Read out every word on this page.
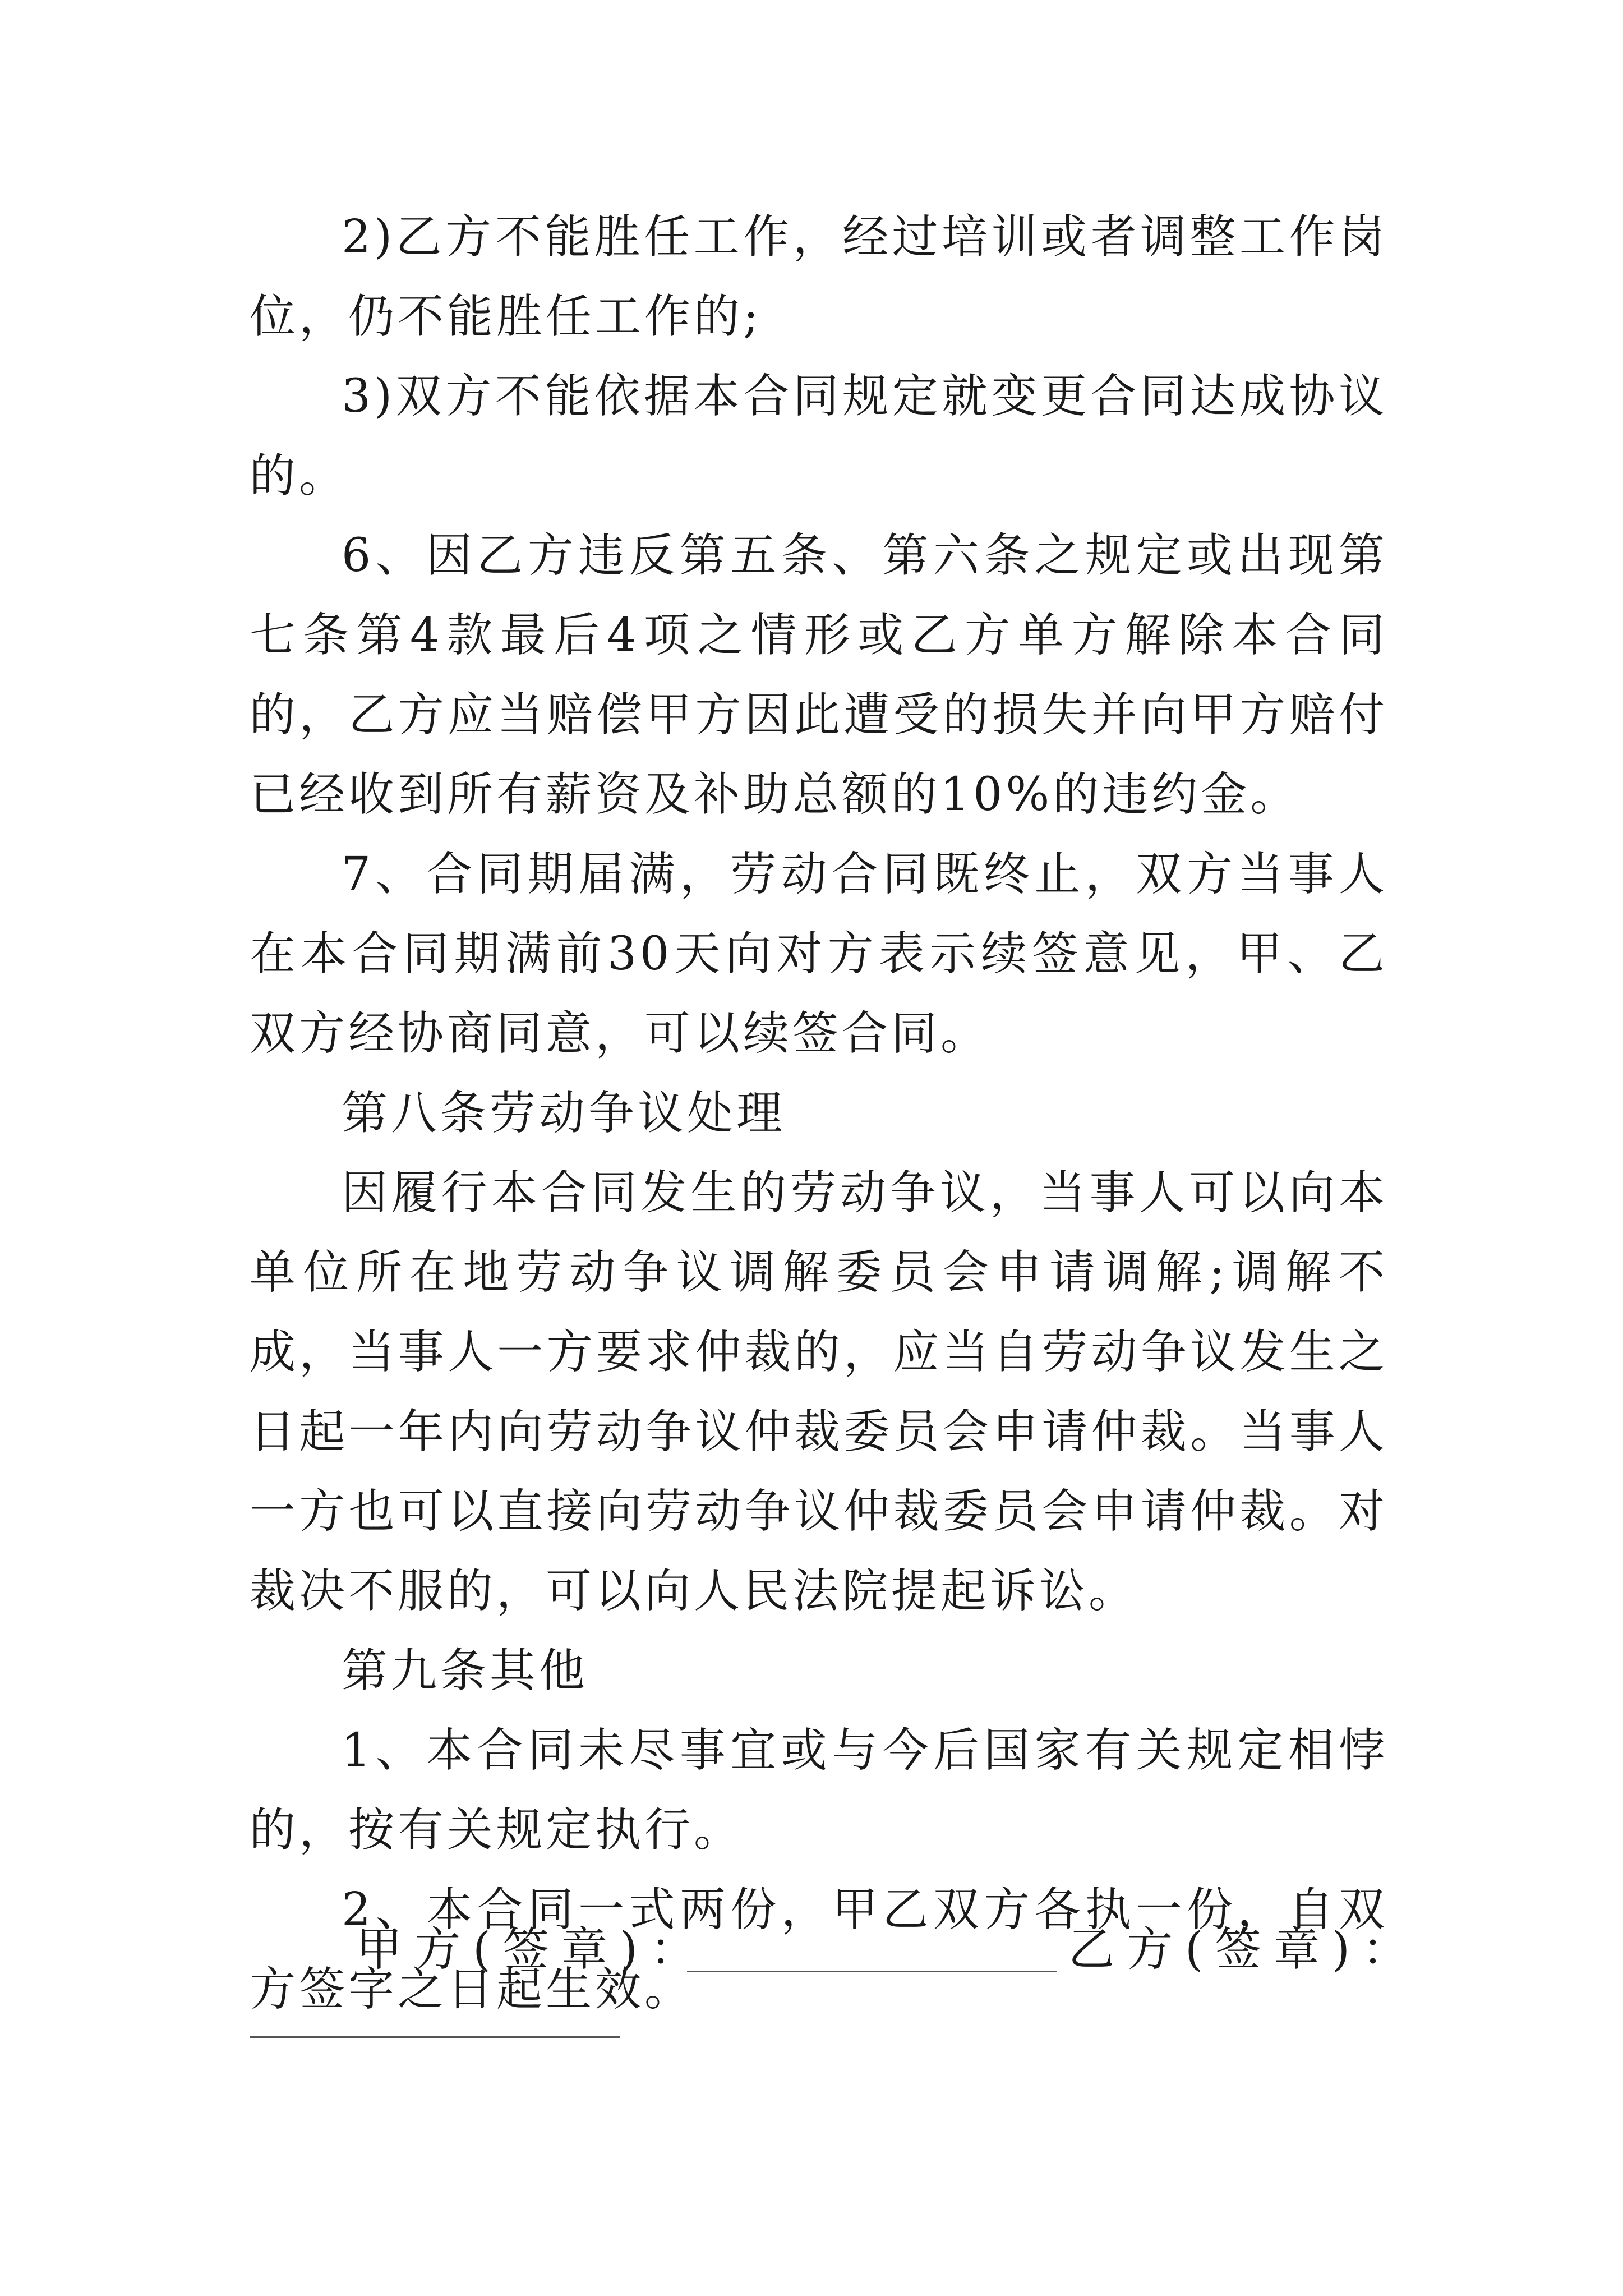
2)乙方不能胜任工作，经过培训或者调整工作岗位，仍不能胜任工作的;

3)双方不能依据本合同规定就变更合同达成协议的。

6、因乙方违反第五条、第六条之规定或出现第七条第4款最后4项之情形或乙方单方解除本合同的，乙方应当赔偿甲方因此遭受的损失并向甲方赔付已经收到所有薪资及补助总额的10%的违约金。

7、合同期届满，劳动合同既终止，双方当事人在本合同期满前30天向对方表示续签意见，甲、乙双方经协商同意，可以续签合同。

第八条劳动争议处理

因履行本合同发生的劳动争议，当事人可以向本单位所在地劳动争议调解委员会申请调解;调解不成，当事人一方要求仲裁的，应当自劳动争议发生之日起一年内向劳动争议仲裁委员会申请仲裁。当事人一方也可以直接向劳动争议仲裁委员会申请仲裁。对裁决不服的，可以向人民法院提起诉讼。

第九条其他

1、本合同未尽事宜或与今后国家有关规定相悖的，按有关规定执行。

2、本合同一式两份，甲乙双方各执一份，自双方签字之日起生效。

甲方(签章)：	乙方(签章)：
